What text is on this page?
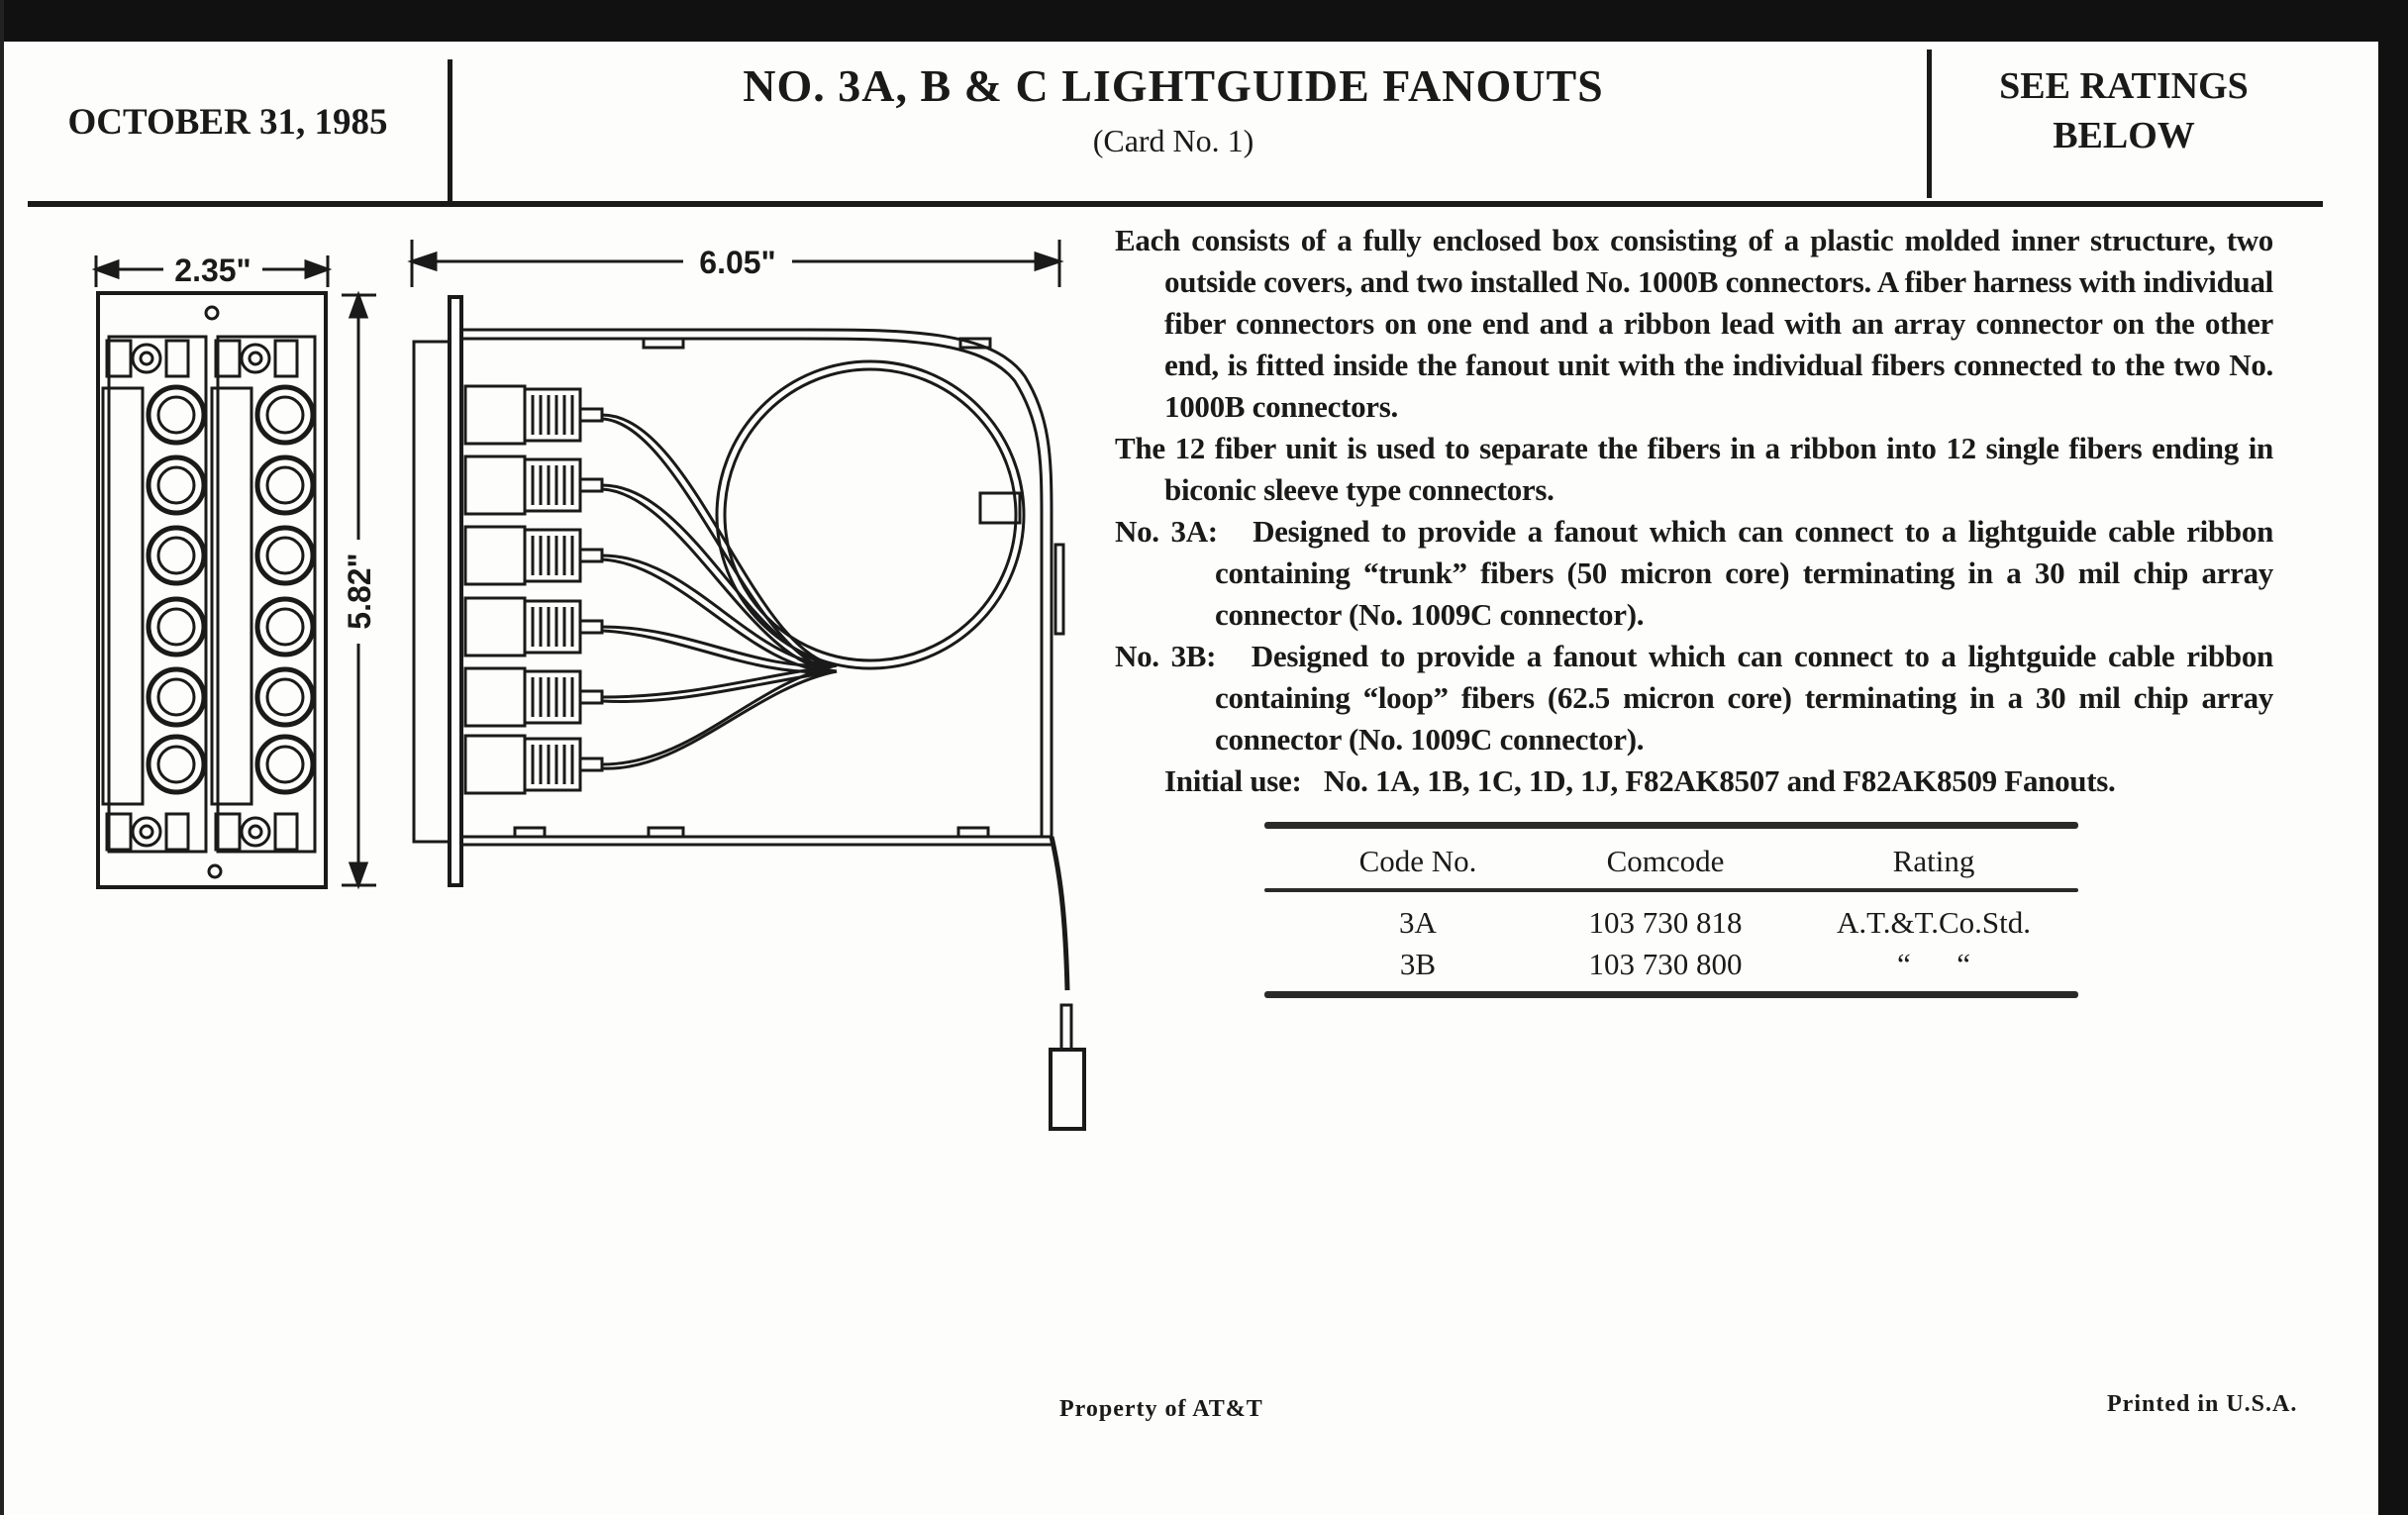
OCTOBER 31, 1985
NO. 3A, B & C LIGHTGUIDE FANOUTS
(Card No. 1)
SEE RATINGS
BELOW
2.35"
5.82"
6.05"

Each consists of a fully enclosed box consisting of a plastic molded inner structure, two outside covers, and two installed No. 1000B connectors. A fiber harness with individual fiber connectors on one end and a ribbon lead with an array connector on the other end, is fitted inside the fanout unit with the individual fibers connected to the two No. 1000B connectors.

The 12 fiber unit is used to separate the fibers in a ribbon into 12 single fibers ending in biconic sleeve type connectors.

No. 3A: Designed to provide a fanout which can connect to a lightguide cable ribbon containing “trunk” fibers (50 micron core) terminating in a 30 mil chip array connector (No. 1009C connector).

No. 3B: Designed to provide a fanout which can connect to a lightguide cable ribbon containing “loop” fibers (62.5 micron core) terminating in a 30 mil chip array connector (No. 1009C connector).

Initial use: No. 1A, 1B, 1C, 1D, 1J, F82AK8507 and F82AK8509 Fanouts.

Code No.	Comcode	Rating
3A	103 730 818	A.T.&T.Co.Std.
3B	103 730 800	“      “
Property of AT&T	Printed in U.S.A.
